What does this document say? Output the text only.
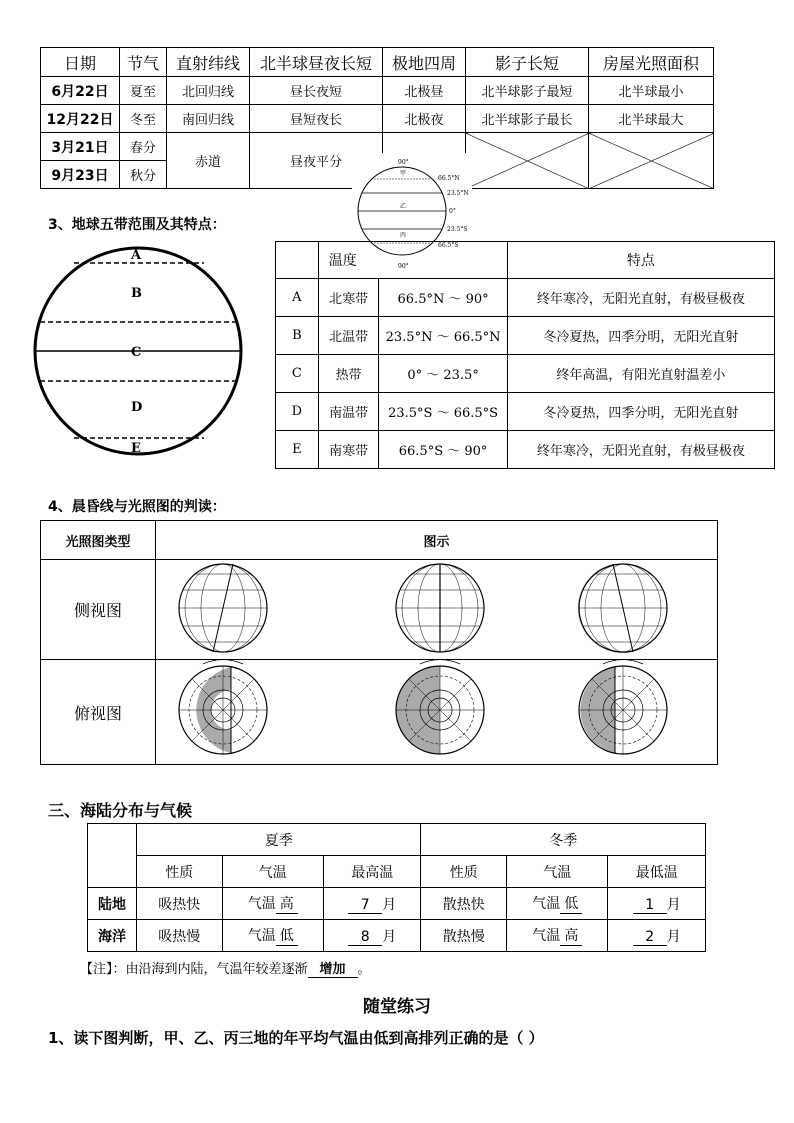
日期	节气	直射纬线	北半球昼夜长短	极地四周	影子长短	房屋光照面积
6月22日	夏至	北回归线	昼长夜短	北极昼	北半球影子最短	北半球最小
12月22日	冬至	南回归线	昼短夜长	北极夜	北半球影子最长	北半球最大
3月21日	春分	赤道	昼夜平分			
9月23日	秋分					
90°
66.5°N
23.5°N
0°
23.5°S
66.5°S
90°
甲
乙
丙
3、地球五带范围及其特点：
A
B
C
D
E
	温度		特点
A	北寒带	66.5°N ～ 90°	终年寒冷，无阳光直射，有极昼极夜
B	北温带	23.5°N ～ 66.5°N	冬冷夏热，四季分明，无阳光直射
C	热带	0° ～ 23.5°	终年高温，有阳光直射温差小
D	南温带	23.5°S ～ 66.5°S	冬冷夏热，四季分明，无阳光直射
E	南寒带	66.5°S ～ 90°	终年寒冷，无阳光直射，有极昼极夜
4、晨昏线与光照图的判读：
光照图类型	图示
侧视图	
俯视图	
三、海陆分布与气候
	夏季			冬季		
	性质	气温	最高温	性质	气温	最低温
陆地	吸热快	气温 高	7 月	散热快	气温 低	1 月
海洋	吸热慢	气温 低	8 月	散热慢	气温 高	2 月
【注】：由沿海到内陆，气温年较差逐渐 增加 。
随堂练习
1、读下图判断，甲、乙、丙三地的年平均气温由低到高排列正确的是（ ）
